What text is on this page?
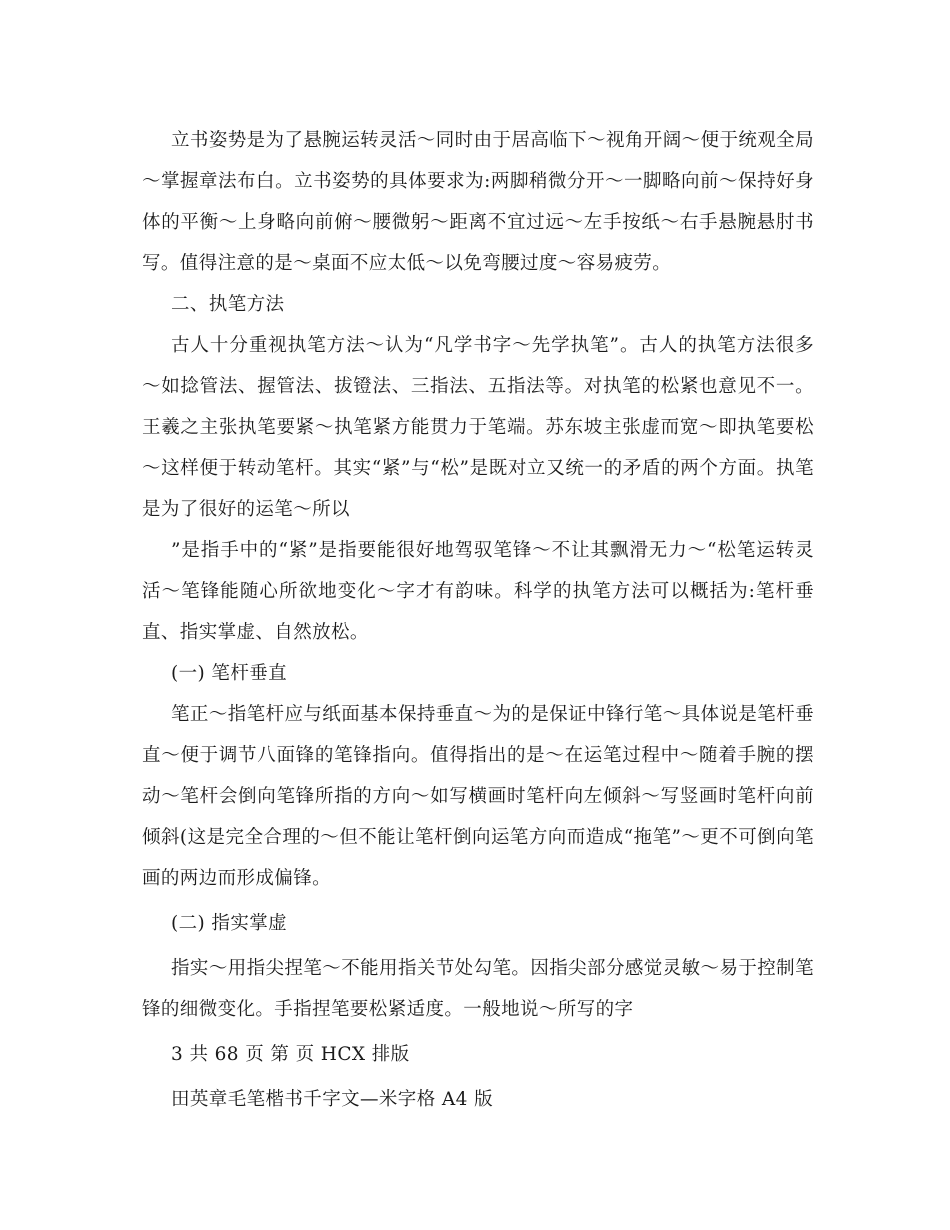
立书姿势是为了悬腕运转灵活～同时由于居高临下～视角开阔～便于统观全局～掌握章法布白。立书姿势的具体要求为:两脚稍微分开～一脚略向前～保持好身体的平衡～上身略向前俯～腰微躬～距离不宜过远～左手按纸～右手悬腕悬肘书写。值得注意的是～桌面不应太低～以免弯腰过度～容易疲劳。

二、执笔方法

古人十分重视执笔方法～认为“凡学书字～先学执笔”。古人的执笔方法很多～如捻管法、握管法、拔镫法、三指法、五指法等。对执笔的松紧也意见不一。王羲之主张执笔要紧～执笔紧方能贯力于笔端。苏东坡主张虚而宽～即执笔要松～这样便于转动笔杆。其实“紧”与“松”是既对立又统一的矛盾的两个方面。执笔是为了很好的运笔～所以

”是指手中的“紧”是指要能很好地驾驭笔锋～不让其飘滑无力～“松笔运转灵活～笔锋能随心所欲地变化～字才有韵味。科学的执笔方法可以概括为:笔杆垂直、指实掌虚、自然放松。

(一) 笔杆垂直

笔正～指笔杆应与纸面基本保持垂直～为的是保证中锋行笔～具体说是笔杆垂直～便于调节八面锋的笔锋指向。值得指出的是～在运笔过程中～随着手腕的摆动～笔杆会倒向笔锋所指的方向～如写横画时笔杆向左倾斜～写竖画时笔杆向前倾斜(这是完全合理的～但不能让笔杆倒向运笔方向而造成“拖笔”～更不可倒向笔画的两边而形成偏锋。

(二) 指实掌虚

指实～用指尖捏笔～不能用指关节处勾笔。因指尖部分感觉灵敏～易于控制笔锋的细微变化。手指捏笔要松紧适度。一般地说～所写的字

3 共 68 页 第 页 HCX 排版

田英章毛笔楷书千字文—米字格 A4 版
